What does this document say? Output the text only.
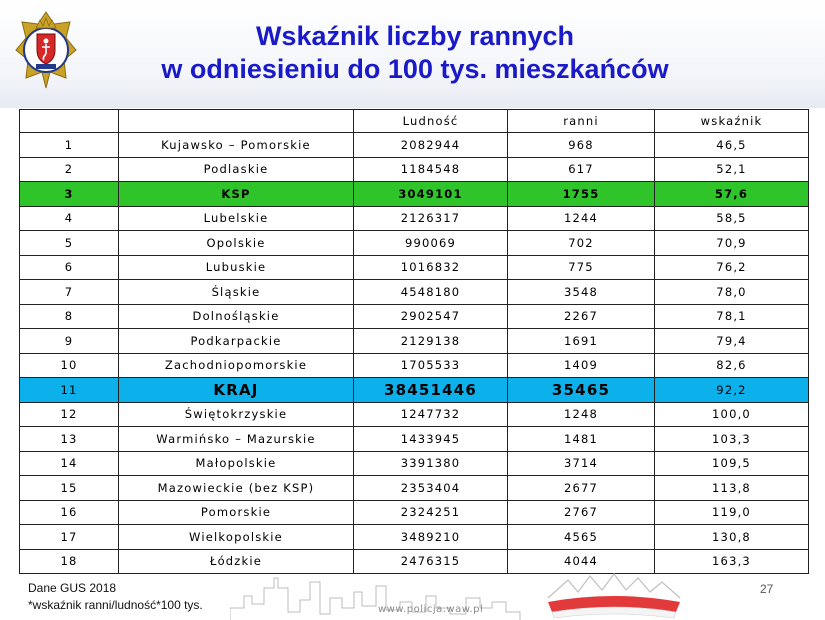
Wskaźnik liczby rannych
w odniesieniu do 100 tys. mieszkańców
		Ludność	ranni	wskaźnik
1	Kujawsko – Pomorskie	2082944	968	46,5
2	Podlaskie	1184548	617	52,1
3	KSP	3049101	1755	57,6
4	Lubelskie	2126317	1244	58,5
5	Opolskie	990069	702	70,9
6	Lubuskie	1016832	775	76,2
7	Śląskie	4548180	3548	78,0
8	Dolnośląskie	2902547	2267	78,1
9	Podkarpackie	2129138	1691	79,4
10	Zachodniopomorskie	1705533	1409	82,6
11	KRAJ	38451446	35465	92,2
12	Świętokrzyskie	1247732	1248	100,0
13	Warmińsko – Mazurskie	1433945	1481	103,3
14	Małopolskie	3391380	3714	109,5
15	Mazowieckie (bez KSP)	2353404	2677	113,8
16	Pomorskie	2324251	2767	119,0
17	Wielkopolskie	3489210	4565	130,8
18	Łódzkie	2476315	4044	163,3
www.policja.waw.pl
Dane GUS 2018
*wskaźnik ranni/ludność*100 tys.
27
